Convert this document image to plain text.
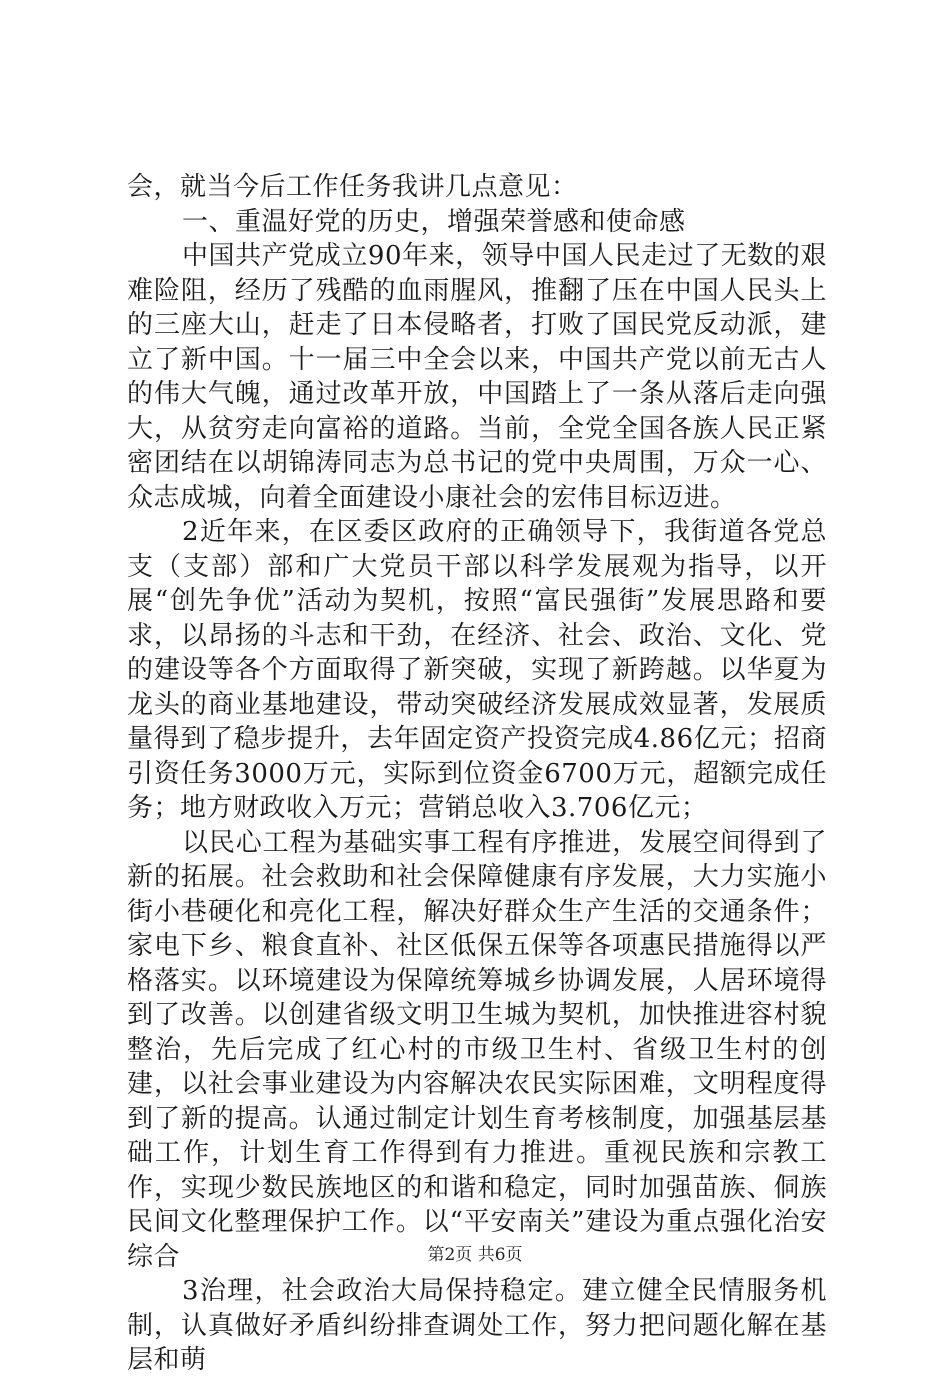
会，就当今后工作任务我讲几点意见：

一、重温好党的历史，增强荣誉感和使命感

中国共产党成立90年来，领导中国人民走过了无数的艰难险阻，经历了残酷的血雨腥风，推翻了压在中国人民头上的三座大山，赶走了日本侵略者，打败了国民党反动派，建立了新中国。十一届三中全会以来，中国共产党以前无古人的伟大气魄，通过改革开放，中国踏上了一条从落后走向强大，从贫穷走向富裕的道路。当前，全党全国各族人民正紧密团结在以胡锦涛同志为总书记的党中央周围，万众一心、众志成城，向着全面建设小康社会的宏伟目标迈进。

2近年来，在区委区政府的正确领导下，我街道各党总支（支部）部和广大党员干部以科学发展观为指导，以开展“创先争优”活动为契机，按照“富民强街”发展思路和要求，以昂扬的斗志和干劲，在经济、社会、政治、文化、党的建设等各个方面取得了新突破，实现了新跨越。以华夏为龙头的商业基地建设，带动突破经济发展成效显著，发展质量得到了稳步提升，去年固定资产投资完成4.86亿元；招商引资任务3000万元，实际到位资金6700万元，超额完成任务；地方财政收入万元；营销总收入3.706亿元；

以民心工程为基础实事工程有序推进，发展空间得到了新的拓展。社会救助和社会保障健康有序发展，大力实施小街小巷硬化和亮化工程，解决好群众生产生活的交通条件；家电下乡、粮食直补、社区低保五保等各项惠民措施得以严格落实。以环境建设为保障统筹城乡协调发展，人居环境得到了改善。以创建省级文明卫生城为契机，加快推进容村貌整治，先后完成了红心村的市级卫生村、省级卫生村的创建，以社会事业建设为内容解决农民实际困难，文明程度得到了新的提高。认通过制定计划生育考核制度，加强基层基础工作，计划生育工作得到有力推进。重视民族和宗教工作，实现少数民族地区的和谐和稳定，同时加强苗族、侗族民间文化整理保护工作。以“平安南关”建设为重点强化治安综合

3治理，社会政治大局保持稳定。建立健全民情服务机制，认真做好矛盾纠纷排查调处工作，努力把问题化解在基层和萌

第2页 共6页
